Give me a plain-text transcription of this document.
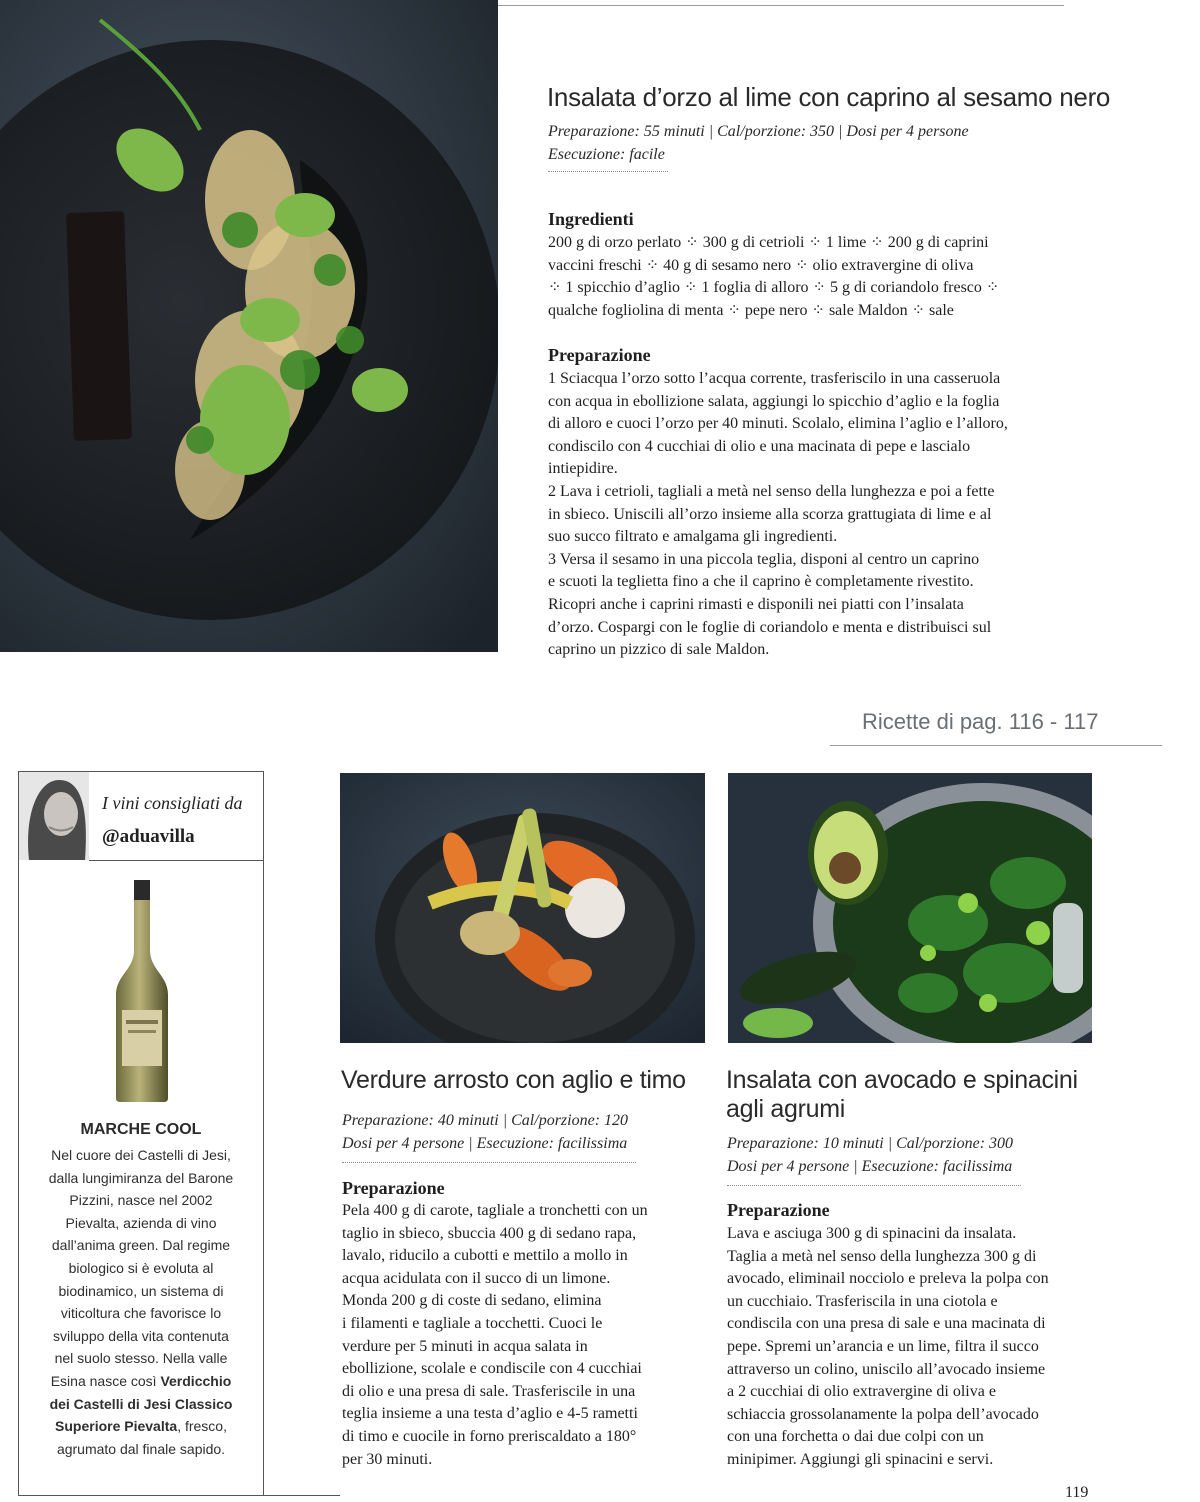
Insalata d’orzo al lime con caprino al sesamo nero
Preparazione: 55 minuti | Cal/porzione: 350 | Dosi per 4 persone
Esecuzione: facile
Ingredienti

200 g di orzo perlato ⁘ 300 g di cetrioli ⁘ 1 lime ⁘ 200 g di caprini

vaccini freschi ⁘ 40 g di sesamo nero ⁘ olio extravergine di oliva

⁘ 1 spicchio d’aglio ⁘ 1 foglia di alloro ⁘ 5 g di coriandolo fresco ⁘

qualche fogliolina di menta ⁘ pepe nero ⁘ sale Maldon ⁘ sale

Preparazione

1 Sciacqua l’orzo sotto l’acqua corrente, trasferiscilo in una casseruola

con acqua in ebollizione salata, aggiungi lo spicchio d’aglio e la foglia

di alloro e cuoci l’orzo per 40 minuti. Scolalo, elimina l’aglio e l’alloro,

condiscilo con 4 cucchiai di olio e una macinata di pepe e lascialo

intiepidire.

2 Lava i cetrioli, tagliali a metà nel senso della lunghezza e poi a fette

in sbieco. Uniscili all’orzo insieme alla scorza grattugiata di lime e al

suo succo filtrato e amalgama gli ingredienti.

3 Versa il sesamo in una piccola teglia, disponi al centro un caprino

e scuoti la teglietta fino a che il caprino è completamente rivestito.

Ricopri anche i caprini rimasti e disponili nei piatti con l’insalata

d’orzo. Cospargi con le foglie di coriandolo e menta e distribuisci sul

caprino un pizzico di sale Maldon.

Ricette di pag. 116 - 117
I vini consigliati da
@aduavilla
MARCHE COOL
Nel cuore dei Castelli di Jesi,
dalla lungimiranza del Barone
Pizzini, nasce nel 2002
Pievalta, azienda di vino
dall’anima green. Dal regime
biologico si è evoluta al
biodinamico, un sistema di
viticoltura che favorisce lo
sviluppo della vita contenuta
nel suolo stesso. Nella valle
Esina nasce così Verdicchio
dei Castelli di Jesi Classico
Superiore Pievalta, fresco,
agrumato dal finale sapido.
Verdure arrosto con aglio e timo
Preparazione: 40 minuti | Cal/porzione: 120
Dosi per 4 persone | Esecuzione: facilissima
Preparazione

Pela 400 g di carote, tagliale a tronchetti con un

taglio in sbieco, sbuccia 400 g di sedano rapa,

lavalo, riducilo a cubotti e mettilo a mollo in

acqua acidulata con il succo di un limone.

Monda 200 g di coste di sedano, elimina

i filamenti e tagliale a tocchetti. Cuoci le

verdure per 5 minuti in acqua salata in

ebollizione, scolale e condiscile con 4 cucchiai

di olio e una presa di sale. Trasferiscile in una

teglia insieme a una testa d’aglio e 4-5 rametti

di timo e cuocile in forno preriscaldato a 180°

per 30 minuti.

Insalata con avocado e spinacini
agli agrumi
Preparazione: 10 minuti | Cal/porzione: 300
Dosi per 4 persone | Esecuzione: facilissima
Preparazione

Lava e asciuga 300 g di spinacini da insalata.

Taglia a metà nel senso della lunghezza 300 g di

avocado, eliminail nocciolo e preleva la polpa con

un cucchiaio. Trasferiscila in una ciotola e

condiscila con una presa di sale e una macinata di

pepe. Spremi un’arancia e un lime, filtra il succo

attraverso un colino, uniscilo all’avocado insieme

a 2 cucchiai di olio extravergine di oliva e

schiaccia grossolanamente la polpa dell’avocado

con una forchetta o dai due colpi con un

minipimer. Aggiungi gli spinacini e servi.

119
